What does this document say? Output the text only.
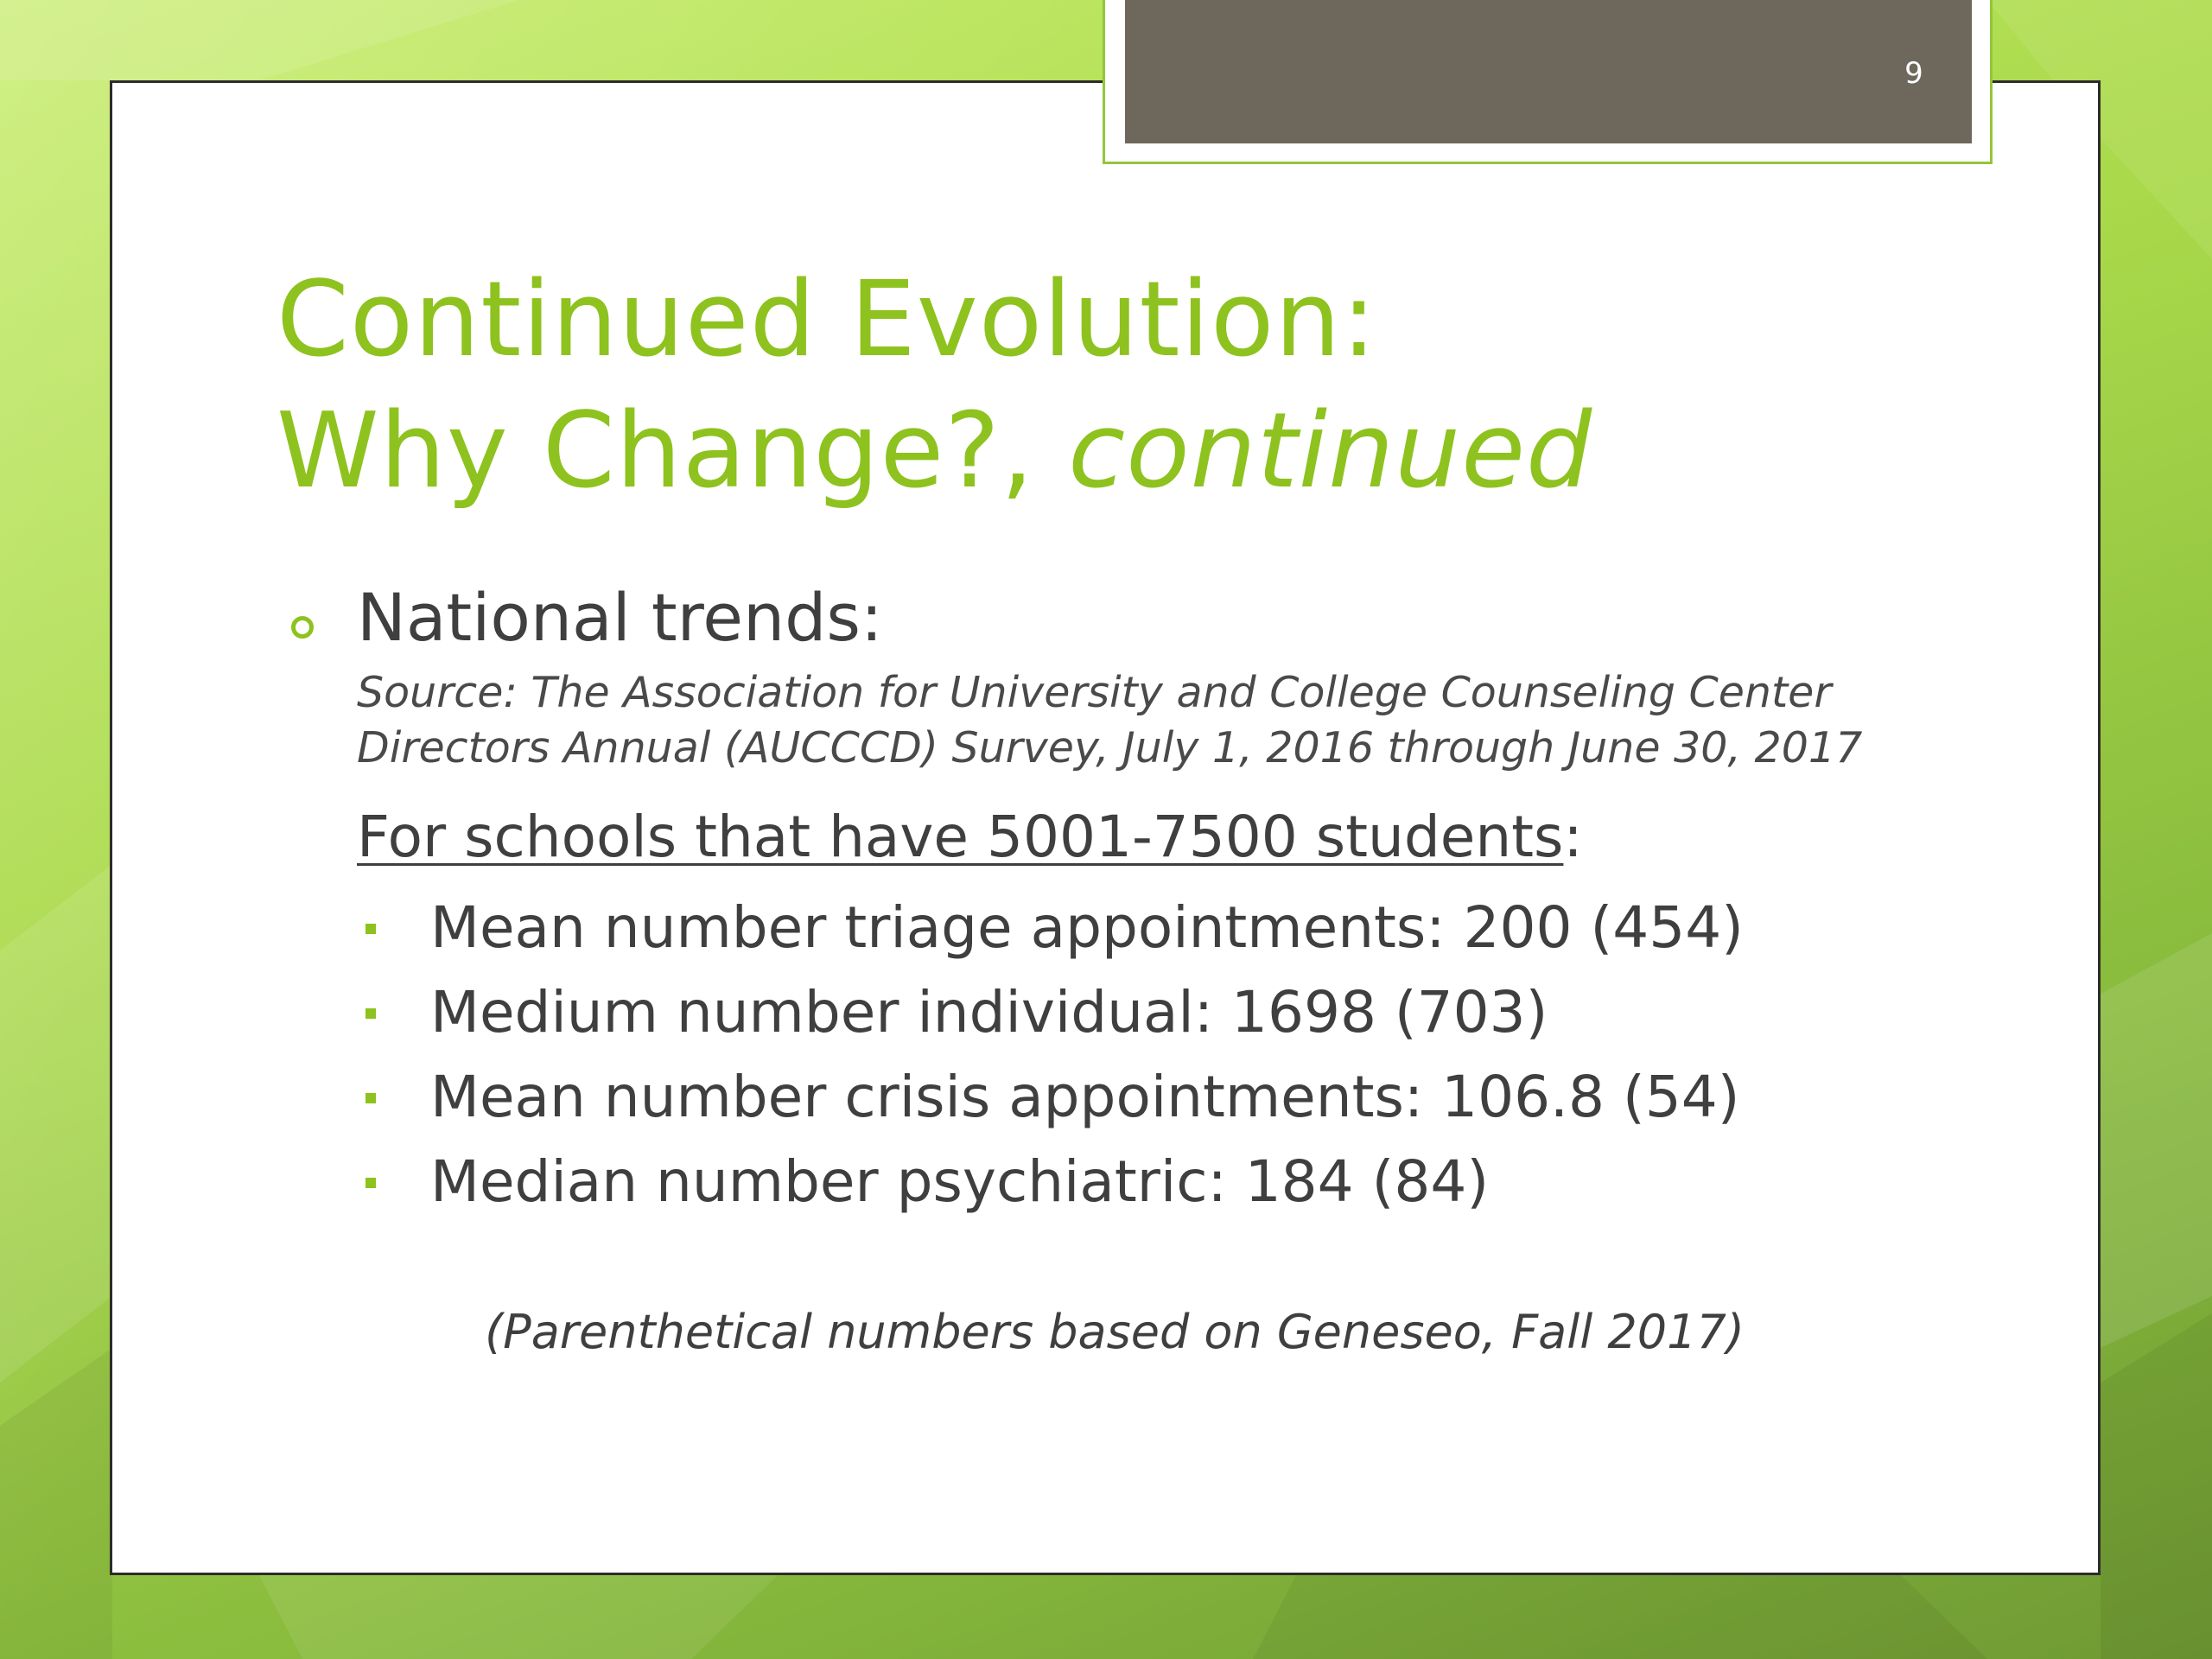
9
Continued Evolution:
Why Change?, continued
National trends:
Source: The Association for University and College Counseling Center
Directors Annual (AUCCCD) Survey, July 1, 2016 through June 30, 2017
For schools that have 5001-7500 students:
Mean number triage appointments: 200 (454)
Medium number individual: 1698 (703)
Mean number crisis appointments: 106.8 (54)
Median number psychiatric: 184 (84)
(Parenthetical numbers based on Geneseo, Fall 2017)
